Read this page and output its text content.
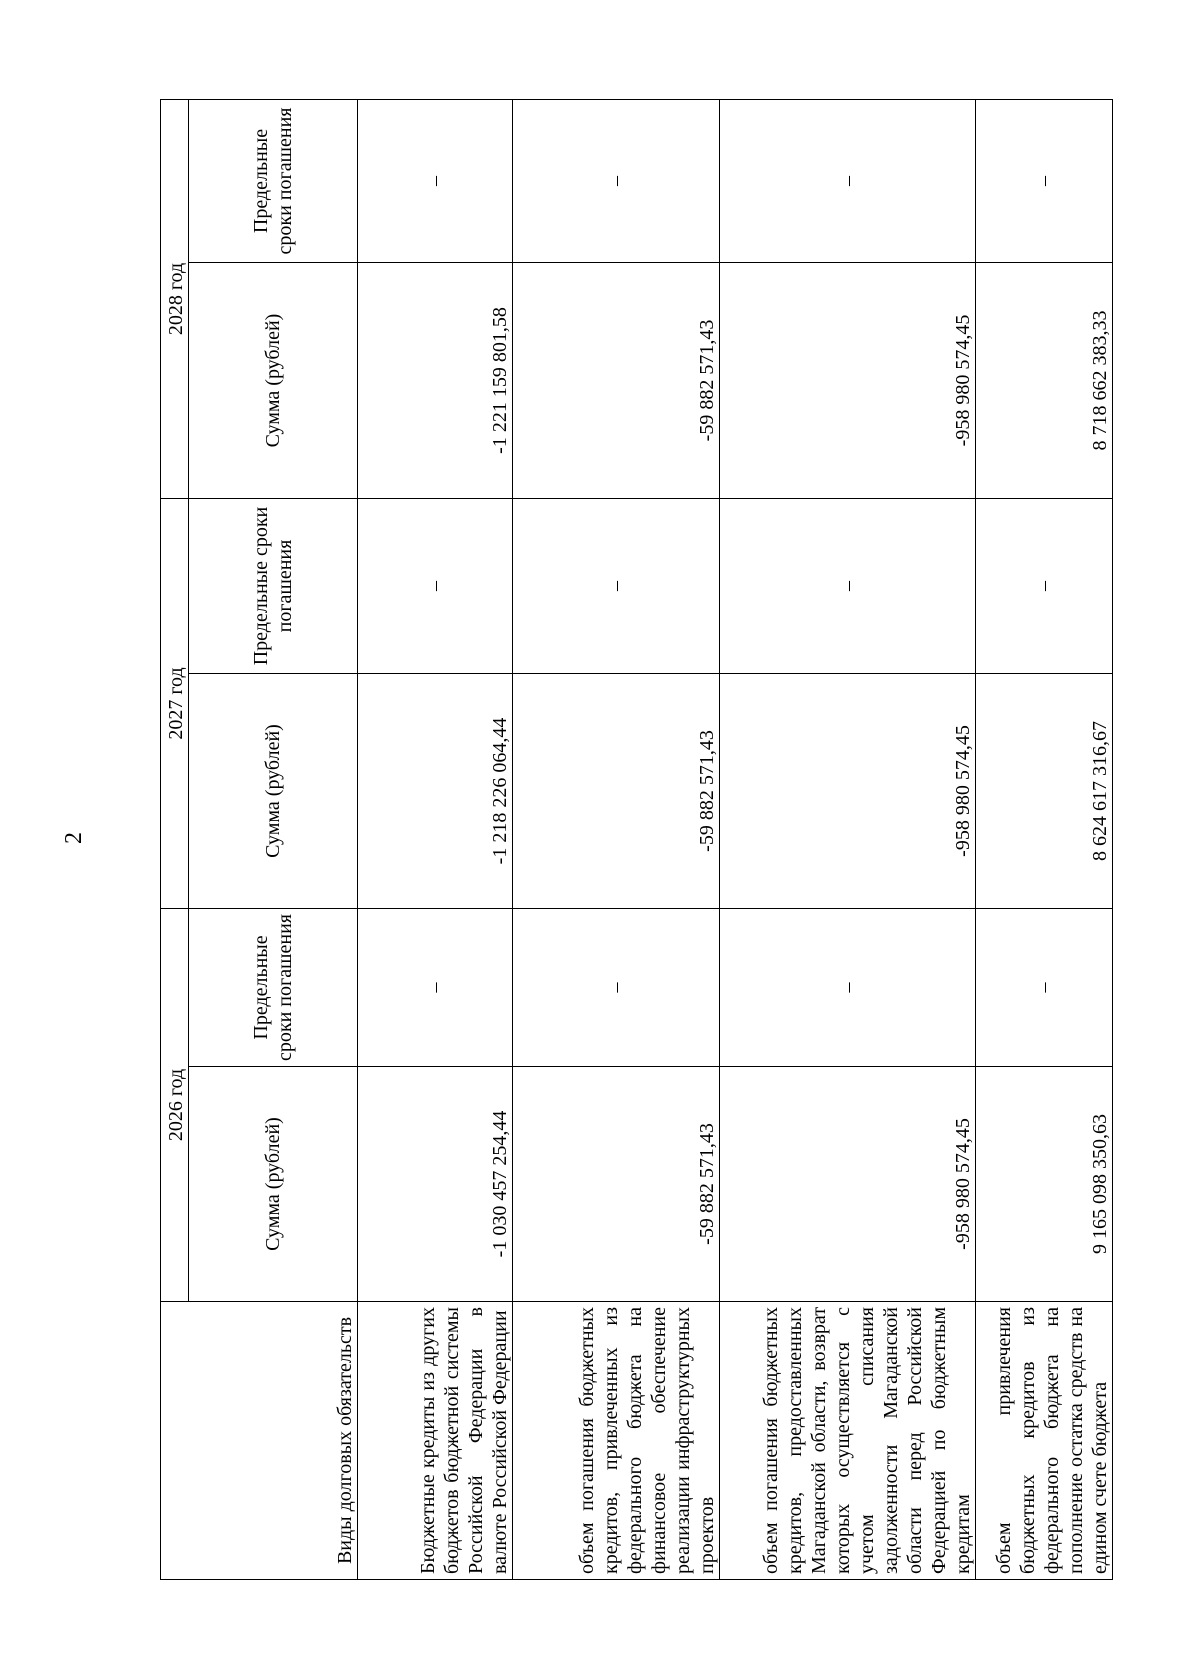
2
Виды долговых обязательств	2026 год		2027 год		2028 год	
	Сумма (рублей)	Предельные сроки погашения	Сумма (рублей)	Предельные сроки погашения	Сумма (рублей)	Предельные сроки погашения
Бюджетные кредиты из других бюджетов бюджетной системы Российской Федерации в валюте Российской Федерации	-1 030 457 254,44	–	-1 218 226 064,44	–	-1 221 159 801,58	–
объем погашения бюджетных кредитов, привлеченных из федерального бюджета на финансовое обеспечение реализации инфраструктурных проектов	-59 882 571,43	–	-59 882 571,43	–	-59 882 571,43	–
объем погашения бюджетных кредитов, предоставленных Магаданской области, возврат которых осуществляется с учетом списания задолженности Магаданской области перед Российской Федерацией по бюджетным кредитам	-958 980 574,45	–	-958 980 574,45	–	-958 980 574,45	–
объем привлечения бюджетных кредитов из федерального бюджета на пополнение остатка средств на едином счете бюджета	9 165 098 350,63	–	8 624 617 316,67	–	8 718 662 383,33	–
